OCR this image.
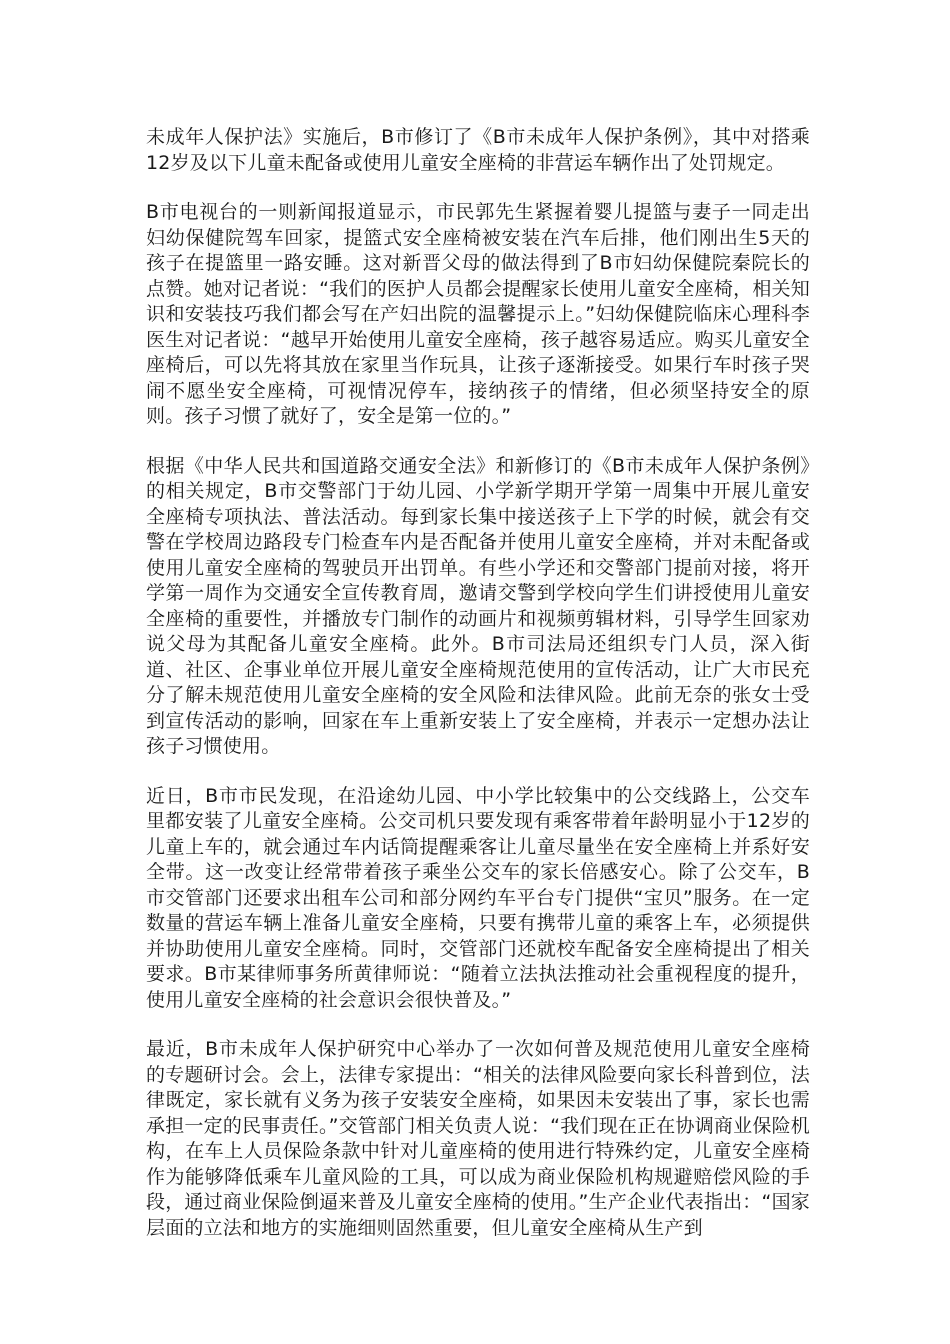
未成年人保护法》实施后，B市修订了《B市未成年人保护条例》，其中对搭乘12岁及以下儿童未配备或使用儿童安全座椅的非营运车辆作出了处罚规定。

B市电视台的一则新闻报道显示，市民郭先生紧握着婴儿提篮与妻子一同走出妇幼保健院驾车回家，提篮式安全座椅被安装在汽车后排，他们刚出生5天的孩子在提篮里一路安睡。这对新晋父母的做法得到了B市妇幼保健院秦院长的点赞。她对记者说：“我们的医护人员都会提醒家长使用儿童安全座椅，相关知识和安装技巧我们都会写在产妇出院的温馨提示上。”妇幼保健院临床心理科李医生对记者说：“越早开始使用儿童安全座椅，孩子越容易适应。购买儿童安全座椅后，可以先将其放在家里当作玩具，让孩子逐渐接受。如果行车时孩子哭闹不愿坐安全座椅，可视情况停车，接纳孩子的情绪，但必须坚持安全的原则。孩子习惯了就好了，安全是第一位的。”

根据《中华人民共和国道路交通安全法》和新修订的《B市未成年人保护条例》的相关规定，B市交警部门于幼儿园、小学新学期开学第一周集中开展儿童安全座椅专项执法、普法活动。每到家长集中接送孩子上下学的时候，就会有交警在学校周边路段专门检查车内是否配备并使用儿童安全座椅，并对未配备或使用儿童安全座椅的驾驶员开出罚单。有些小学还和交警部门提前对接，将开学第一周作为交通安全宣传教育周，邀请交警到学校向学生们讲授使用儿童安全座椅的重要性，并播放专门制作的动画片和视频剪辑材料，引导学生回家劝说父母为其配备儿童安全座椅。此外。B市司法局还组织专门人员，深入街道、社区、企事业单位开展儿童安全座椅规范使用的宣传活动，让广大市民充分了解未规范使用儿童安全座椅的安全风险和法律风险。此前无奈的张女士受到宣传活动的影响，回家在车上重新安装上了安全座椅，并表示一定想办法让孩子习惯使用。

近日，B市市民发现，在沿途幼儿园、中小学比较集中的公交线路上，公交车里都安装了儿童安全座椅。公交司机只要发现有乘客带着年龄明显小于12岁的儿童上车的，就会通过车内话筒提醒乘客让儿童尽量坐在安全座椅上并系好安全带。这一改变让经常带着孩子乘坐公交车的家长倍感安心。除了公交车，B市交管部门还要求出租车公司和部分网约车平台专门提供“宝贝”服务。在一定数量的营运车辆上准备儿童安全座椅，只要有携带儿童的乘客上车，必须提供并协助使用儿童安全座椅。同时，交管部门还就校车配备安全座椅提出了相关要求。B市某律师事务所黄律师说：“随着立法执法推动社会重视程度的提升，使用儿童安全座椅的社会意识会很快普及。”

最近，B市未成年人保护研究中心举办了一次如何普及规范使用儿童安全座椅的专题研讨会。会上，法律专家提出：“相关的法律风险要向家长科普到位，法律既定，家长就有义务为孩子安装安全座椅，如果因未安装出了事，家长也需承担一定的民事责任。”交管部门相关负责人说：“我们现在正在协调商业保险机构，在车上人员保险条款中针对儿童座椅的使用进行特殊约定，儿童安全座椅作为能够降低乘车儿童风险的工具，可以成为商业保险机构规避赔偿风险的手段，通过商业保险倒逼来普及儿童安全座椅的使用。”生产企业代表指出：“国家层面的立法和地方的实施细则固然重要，但儿童安全座椅从生产到
